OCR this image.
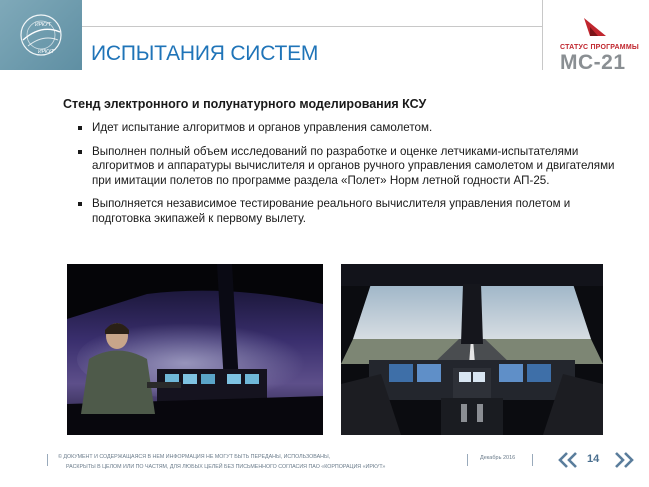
ИРКУТ
ИРКУТ ИСПЫТАНИЯ СИСТЕМ	СТАТУС ПРОГРАММЫ
МС-21
Стенд электронного и полунатурного моделирования КСУ
Идет испытание алгоритмов и органов управления самолетом.
Выполнен полный объем исследований по разработке и оценке летчиками-испытателями алгоритмов и аппаратуры вычислителя и органов ручного управления самолетом и двигателями при имитации полетов по программе раздела «Полет» Норм летной годности АП-25.
Выполняется независимое тестирование реального вычислителя управления полетом и подготовка экипажей к первому вылету.
© ДОКУМЕНТ И СОДЕРЖАЩАЯСЯ В НЕМ ИНФОРМАЦИЯ НЕ МОГУТ БЫТЬ ПЕРЕДАНЫ, ИСПОЛЬЗОВАНЫ,
РАСКРЫТЫ В ЦЕЛОМ ИЛИ ПО ЧАСТЯМ, ДЛЯ ЛЮБЫХ ЦЕЛЕЙ БЕЗ ПИСЬМЕННОГО СОГЛАСИЯ ПАО «КОРПОРАЦИЯ «ИРКУТ»
Декабрь 2016	14
